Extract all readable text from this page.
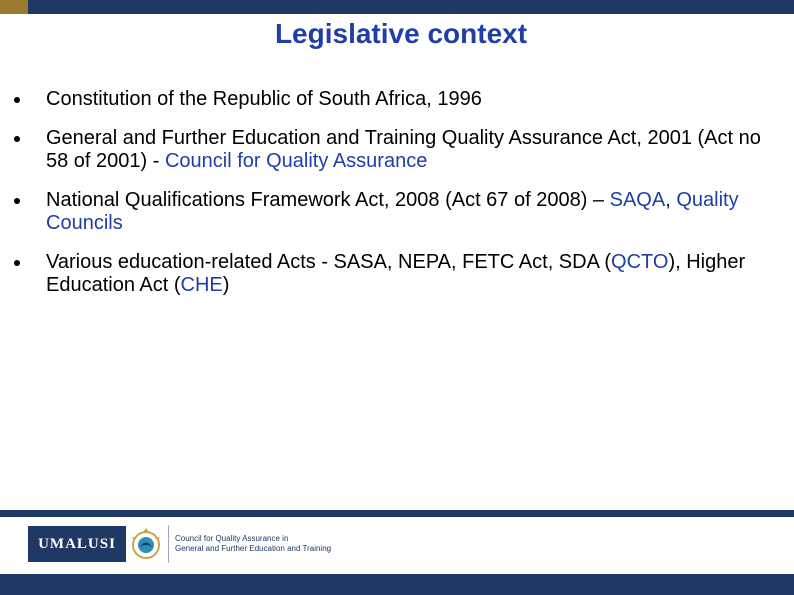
Legislative context
Constitution of the Republic of South Africa, 1996
General and Further Education and Training Quality Assurance Act, 2001 (Act no 58 of 2001) - Council for Quality Assurance
National Qualifications Framework Act, 2008 (Act 67 of 2008) – SAQA, Quality Councils
Various education-related Acts - SASA, NEPA, FETC Act, SDA (QCTO), Higher Education Act (CHE)
UMALUSI	Council for Quality Assurance in
General and Further Education and Training
